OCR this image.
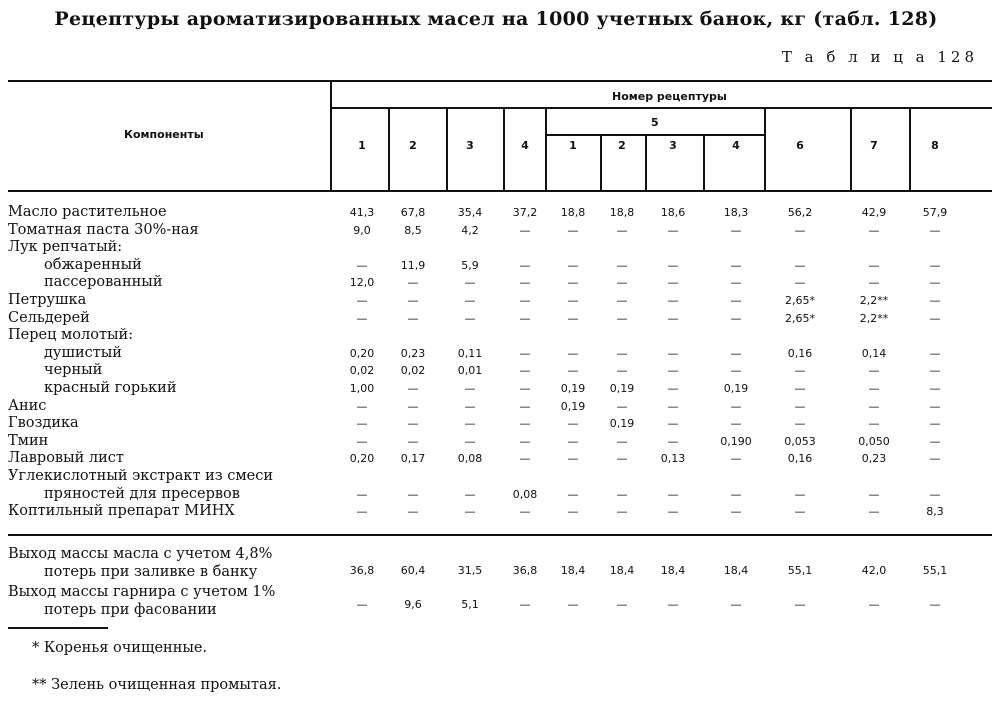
Рецептуры ароматизированных масел на 1000 учетных банок, кг (табл. 128)
Т а б л и ц а 128
Компоненты
Номер рецептуры
5
1	2	3	4	1	2	3	4	6	7	8
Масло растительное	41,3	67,8	35,4	37,2	18,8	18,8	18,6	18,3	56,2	42,9	57,9
Томатная паста 30%-ная	9,0	8,5	4,2	—	—	—	—	—	—	—	—
Лук репчатый:
обжаренный	—	11,9	5,9	—	—	—	—	—	—	—	—
пассерованный	12,0	—	—	—	—	—	—	—	—	—	—
Петрушка	—	—	—	—	—	—	—	—	2,65*	2,2**	—
Сельдерей	—	—	—	—	—	—	—	—	2,65*	2,2**	—
Перец молотый:
душистый	0,20	0,23	0,11	—	—	—	—	—	0,16	0,14	—
черный	0,02	0,02	0,01	—	—	—	—	—	—	—	—
красный горький	1,00	—	—	—	0,19	0,19	—	0,19	—	—	—
Анис	—	—	—	—	0,19	—	—	—	—	—	—
Гвоздика	—	—	—	—	—	0,19	—	—	—	—	—
Тмин	—	—	—	—	—	—	—	0,190	0,053	0,050	—
Лавровый лист	0,20	0,17	0,08	—	—	—	0,13	—	0,16	0,23	—
Углекислотный экстракт из смеси
пряностей для пресервов	—	—	—	0,08	—	—	—	—	—	—	—
Коптильный препарат МИНХ	—	—	—	—	—	—	—	—	—	—	8,3
Выход массы масла с учетом 4,8%
потерь при заливке в банку	36,8	60,4	31,5	36,8	18,4	18,4	18,4	18,4	55,1	42,0	55,1
Выход массы гарнира с учетом 1%
потерь при фасовании	—	9,6	5,1	—	—	—	—	—	—	—	—
* Коренья очищенные.
** Зелень очищенная промытая.
